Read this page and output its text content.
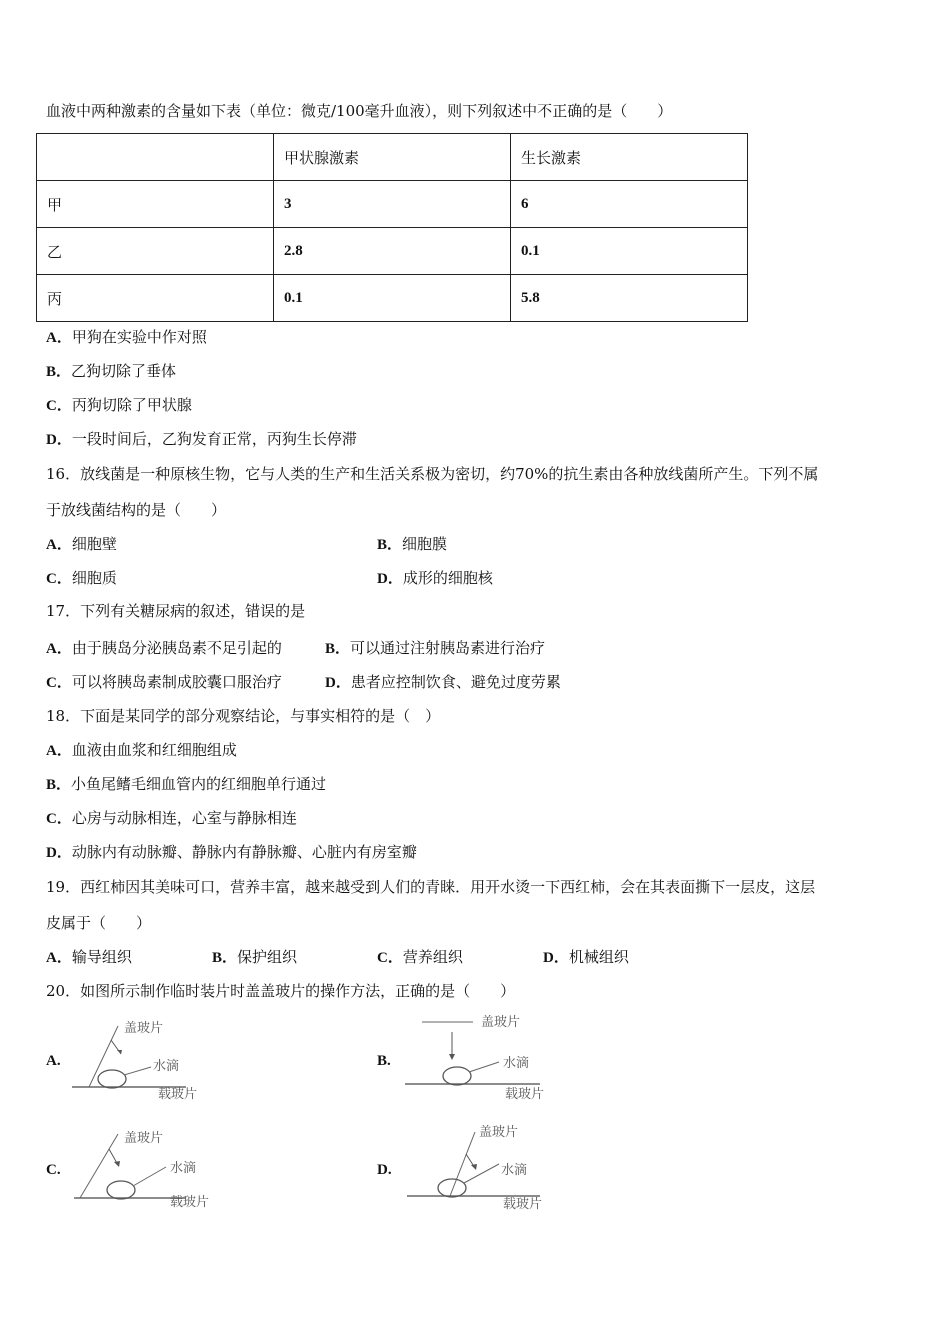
血液中两种激素的含量如下表（单位：微克/100毫升血液），则下列叙述中不正确的是（　　）
	甲状腺激素	生长激素
甲	3	6
乙	2.8	0.1
丙	0.1	5.8
A．甲狗在实验中作对照
B．乙狗切除了垂体
C．丙狗切除了甲状腺
D．一段时间后，乙狗发育正常，丙狗生长停滞
16．放线菌是一种原核生物，它与人类的生产和生活关系极为密切，约70%的抗生素由各种放线菌所产生。下列不属
于放线菌结构的是（　　）
A．细胞壁	B．细胞膜
C．细胞质	D．成形的细胞核
17．下列有关糖尿病的叙述，错误的是
A．由于胰岛分泌胰岛素不足引起的	B．可以通过注射胰岛素进行治疗
C．可以将胰岛素制成胶囊口服治疗	D．患者应控制饮食、避免过度劳累
18．下面是某同学的部分观察结论，与事实相符的是（　）
A．血液由血浆和红细胞组成
B．小鱼尾鳍毛细血管内的红细胞单行通过
C．心房与动脉相连，心室与静脉相连
D．动脉内有动脉瓣、静脉内有静脉瓣、心脏内有房室瓣
19．西红柿因其美味可口，营养丰富，越来越受到人们的青睐．用开水烫一下西红柿，会在其表面撕下一层皮，这层
皮属于（　　）
A．输导组织	B．保护组织	C．营养组织	D．机械组织
20．如图所示制作临时装片时盖盖玻片的操作方法，正确的是（　　）
A.
盖玻片
水滴
载玻片
B.
盖玻片
水滴
载玻片
C.
盖玻片
水滴
载玻片
D.
盖玻片
水滴
载玻片
